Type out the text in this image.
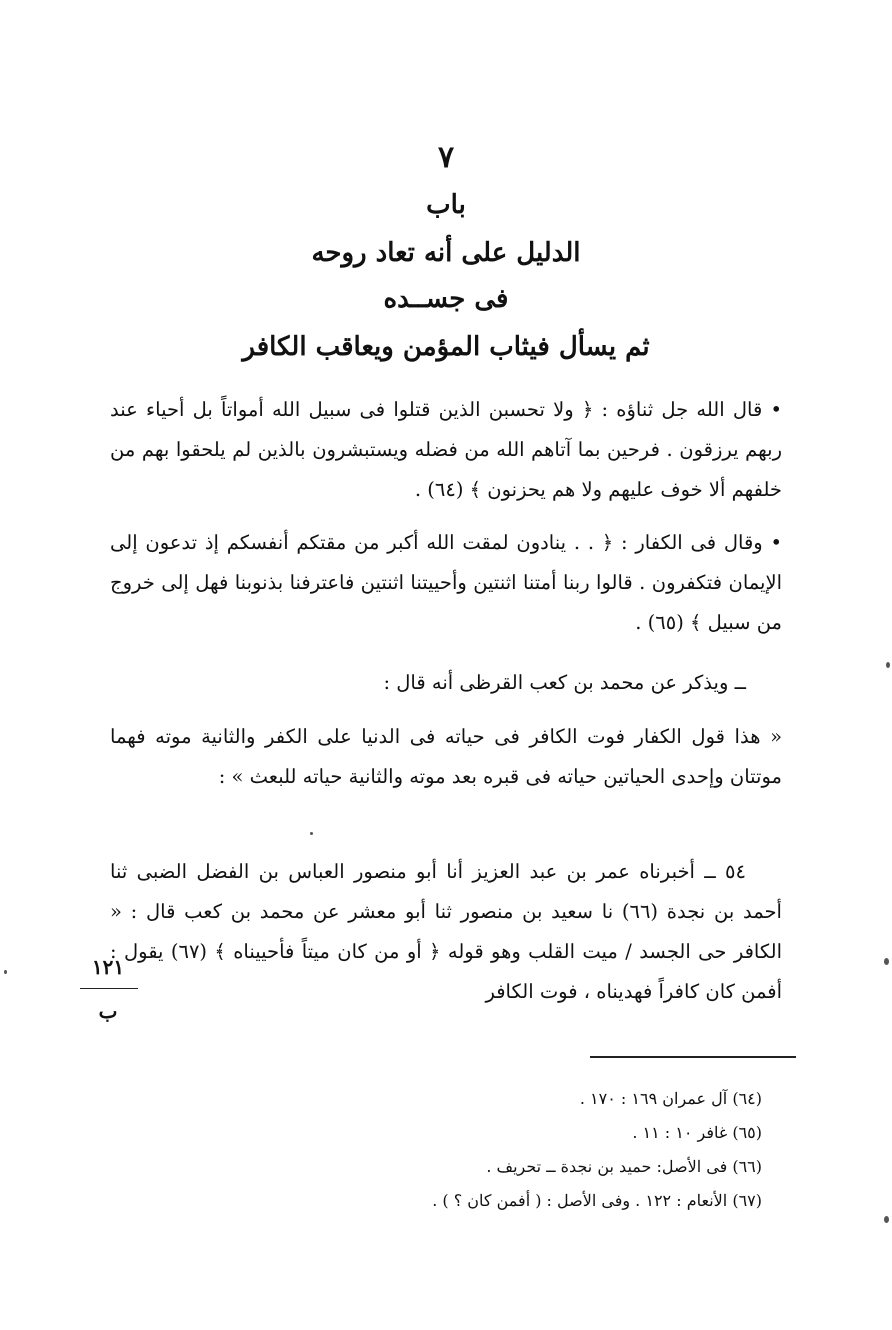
٧
باب
الدليل على أنه تعاد روحه
فى جســده
ثم يسأل فيثاب المؤمن ويعاقب الكافر

• قال الله جل ثناؤه : ﴿ ولا تحسبن الذين قتلوا فى سبيل الله أمواتاً بل أحياء عند ربهم يرزقون . فرحين بما آتاهم الله من فضله ويستبشرون بالذين لم يلحقوا بهم من خلفهم ألا خوف عليهم ولا هم يحزنون ﴾ (٦٤) .

• وقال فى الكفار : ﴿ . . ينادون لمقت الله أكبر من مقتكم أنفسكم إذ تدعون إلى الإيمان فتكفرون . قالوا ربنا أمتنا اثنتين وأحييتنا اثنتين فاعترفنا بذنوبنا فهل إلى خروج من سبيل ﴾ (٦٥) .

ــ ويذكر عن محمد بن كعب القرظى أنه قال :

« هذا قول الكفار فوت الكافر فى حياته فى الدنيا على الكفر والثانية موته فهما موتتان وإحدى الحياتين حياته فى قبره بعد موته والثانية حياته للبعث » :

٥٤ ــ أخبرناه عمر بن عبد العزيز أنا أبو منصور العباس بن الفضل الضبى ثنا أحمد بن نجدة (٦٦) نا سعيد بن منصور ثنا أبو معشر عن محمد بن كعب قال : « الكافر حى الجسد / ميت القلب وهو قوله ﴿ أو من كان ميتاً فأحييناه ﴾ (٦٧) يقول : أفمن كان كافراً فهديناه ، فوت الكافر

١٢١
ب
(٦٤) آل عمران ١٦٩ : ١٧٠ .
(٦٥) غافر ١٠ : ١١ .
(٦٦) فى الأصل: حميد بن نجدة ــ تحريف .
(٦٧) الأنعام : ١٢٢ . وفى الأصل : ( أفمن كان ؟ ) .
